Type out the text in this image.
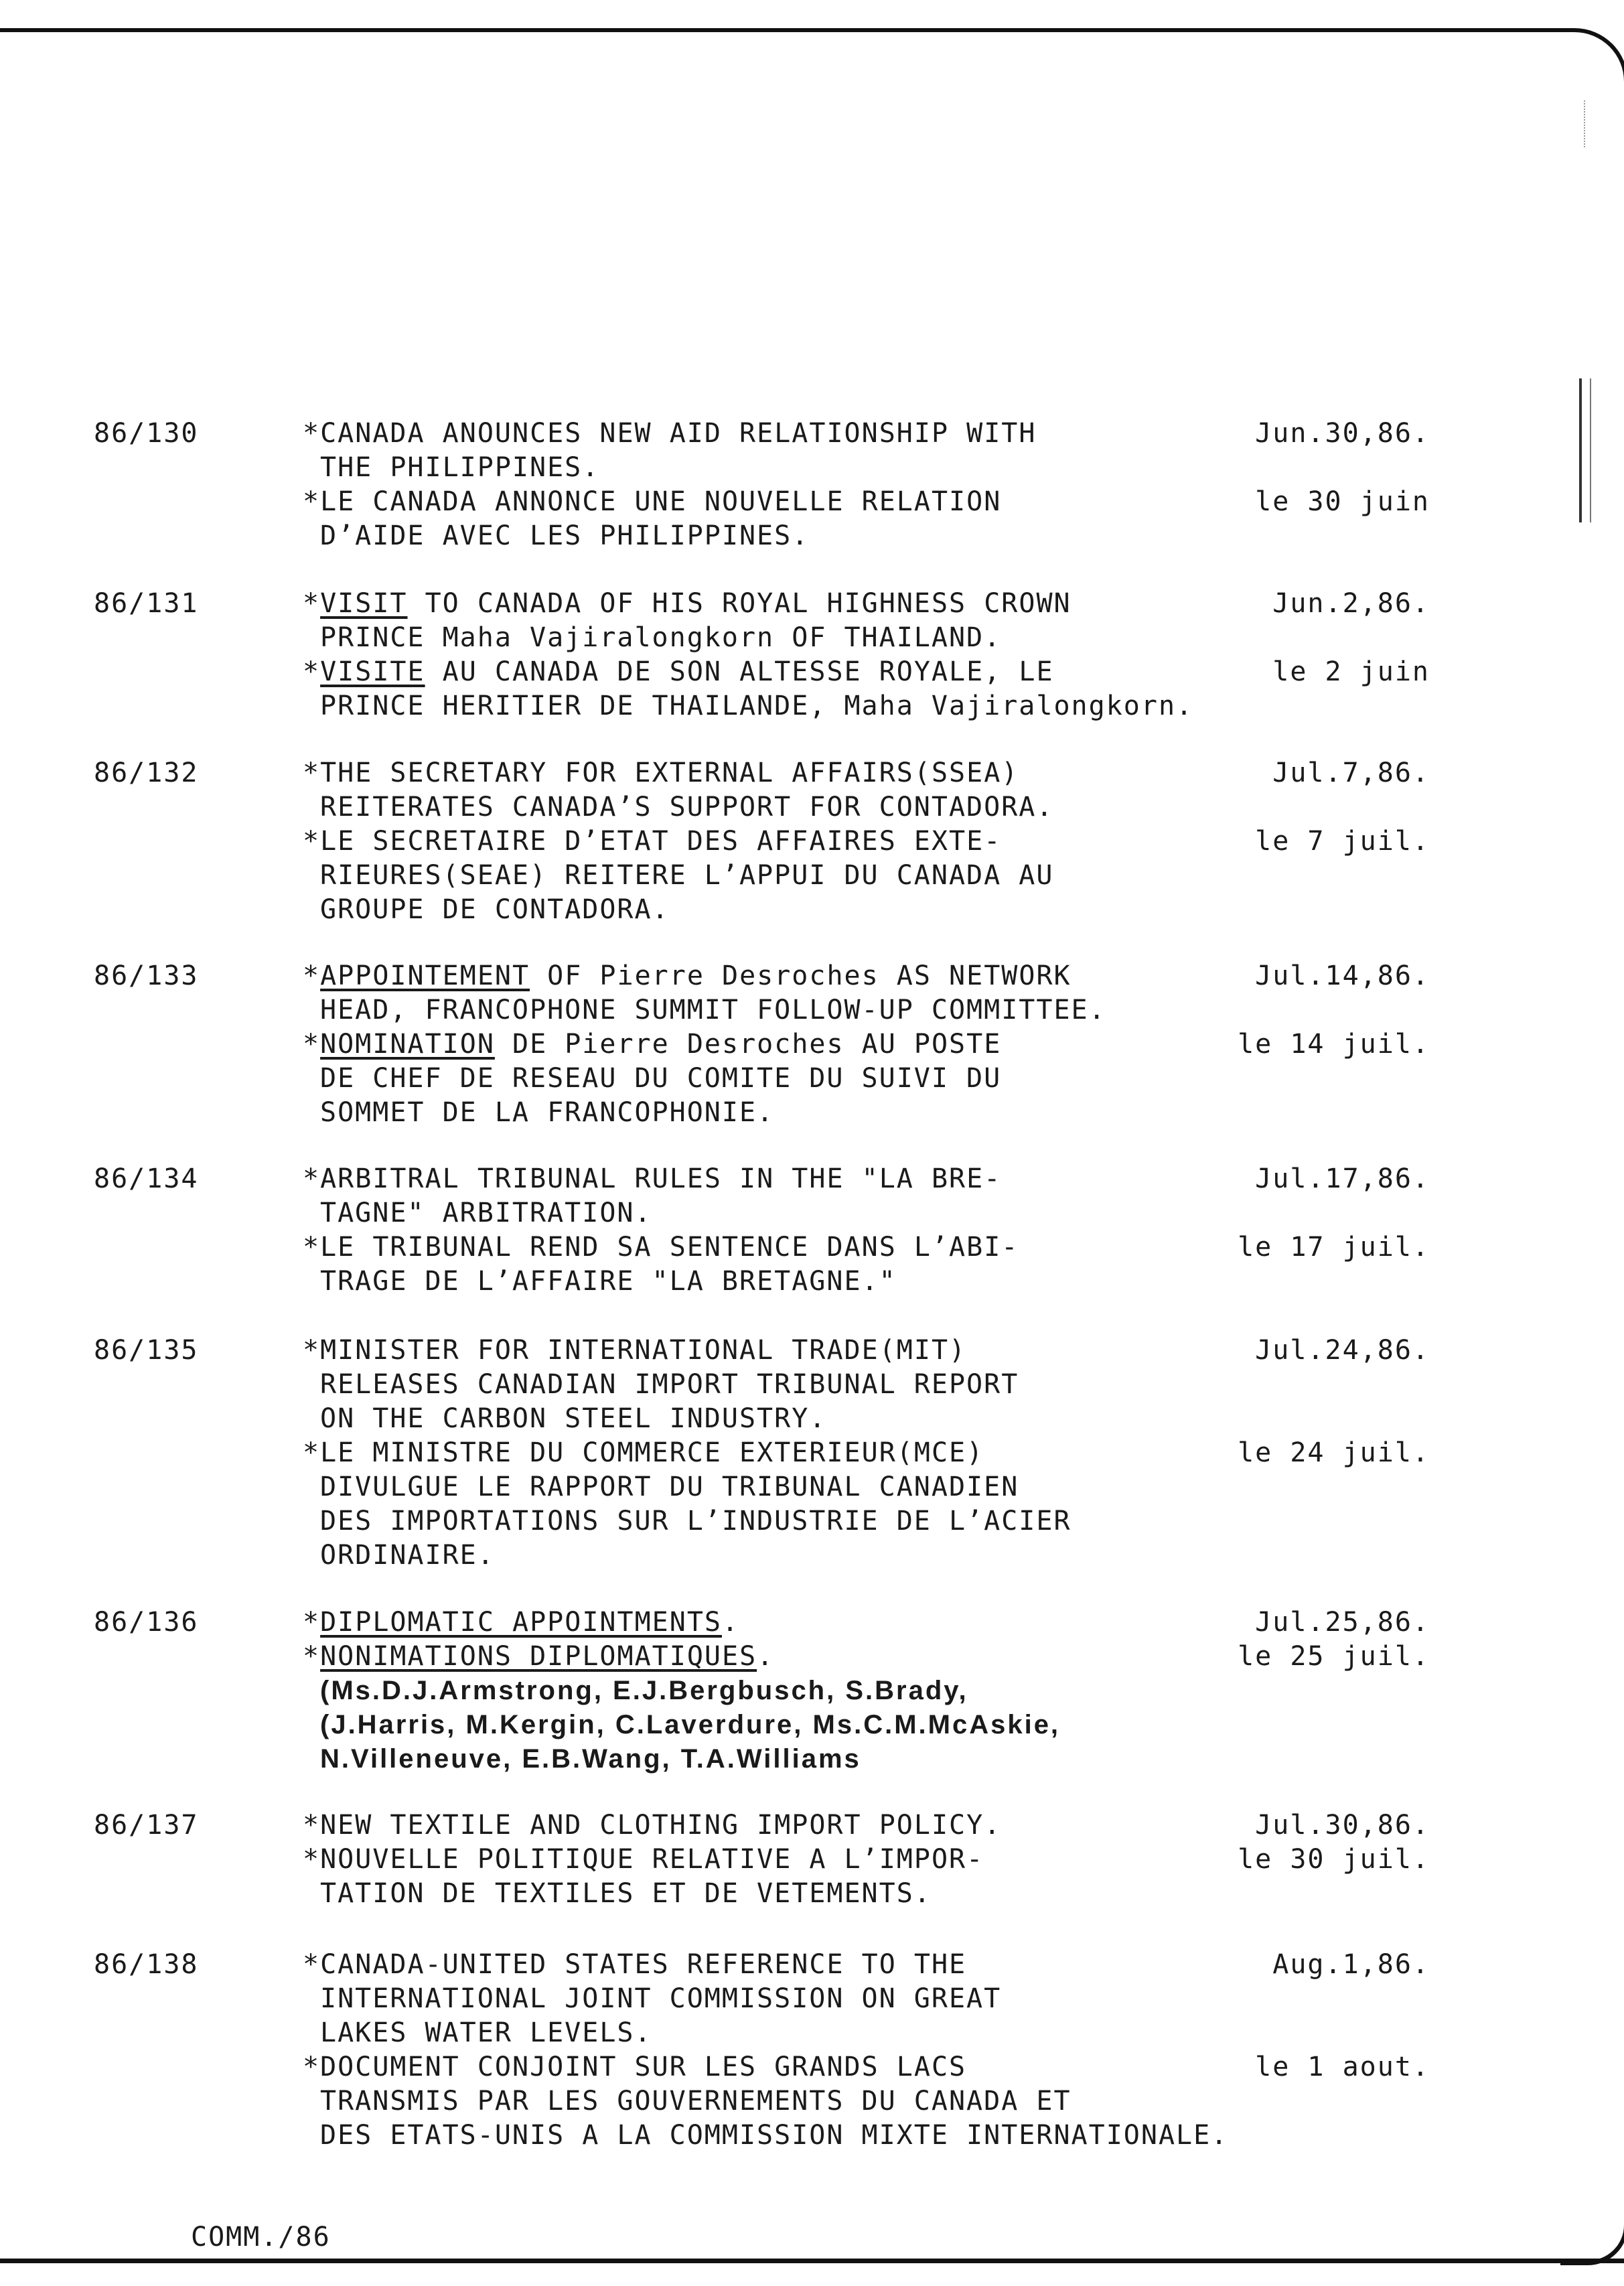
86/130	*CANADA ANOUNCES NEW AID RELATIONSHIP WITH	Jun.30,86.
THE PHILIPPINES.
*LE CANADA ANNONCE UNE NOUVELLE RELATION	le 30 juin
D’AIDE AVEC LES PHILIPPINES.
86/131	*VISIT TO CANADA OF HIS ROYAL HIGHNESS CROWN	Jun.2,86.
PRINCE Maha Vajiralongkorn OF THAILAND.
*VISITE AU CANADA DE SON ALTESSE ROYALE, LE	le 2 juin
PRINCE HERITIER DE THAILANDE, Maha Vajiralongkorn.
86/132	*THE SECRETARY FOR EXTERNAL AFFAIRS(SSEA)	Jul.7,86.
REITERATES CANADA’S SUPPORT FOR CONTADORA.
*LE SECRETAIRE D’ETAT DES AFFAIRES EXTE-	le 7 juil.
RIEURES(SEAE) REITERE L’APPUI DU CANADA AU
GROUPE DE CONTADORA.
86/133	*APPOINTEMENT OF Pierre Desroches AS NETWORK	Jul.14,86.
HEAD, FRANCOPHONE SUMMIT FOLLOW-UP COMMITTEE.
*NOMINATION DE Pierre Desroches AU POSTE	le 14 juil.
DE CHEF DE RESEAU DU COMITE DU SUIVI DU
SOMMET DE LA FRANCOPHONIE.
86/134	*ARBITRAL TRIBUNAL RULES IN THE "LA BRE-	Jul.17,86.
TAGNE" ARBITRATION.
*LE TRIBUNAL REND SA SENTENCE DANS L’ABI-	le 17 juil.
TRAGE DE L’AFFAIRE "LA BRETAGNE."
86/135	*MINISTER FOR INTERNATIONAL TRADE(MIT)	Jul.24,86.
RELEASES CANADIAN IMPORT TRIBUNAL REPORT
ON THE CARBON STEEL INDUSTRY.
*LE MINISTRE DU COMMERCE EXTERIEUR(MCE)	le 24 juil.
DIVULGUE LE RAPPORT DU TRIBUNAL CANADIEN
DES IMPORTATIONS SUR L’INDUSTRIE DE L’ACIER
ORDINAIRE.
86/136	*DIPLOMATIC APPOINTMENTS.	Jul.25,86.
*NONIMATIONS DIPLOMATIQUES.	le 25 juil.
(Ms.D.J.Armstrong, E.J.Bergbusch, S.Brady,
(J.Harris, M.Kergin, C.Laverdure, Ms.C.M.McAskie,
N.Villeneuve, E.B.Wang, T.A.Williams
86/137	*NEW TEXTILE AND CLOTHING IMPORT POLICY.	Jul.30,86.
*NOUVELLE POLITIQUE RELATIVE A L’IMPOR-	le 30 juil.
TATION DE TEXTILES ET DE VETEMENTS.
86/138	*CANADA-UNITED STATES REFERENCE TO THE	Aug.1,86.
INTERNATIONAL JOINT COMMISSION ON GREAT
LAKES WATER LEVELS.
*DOCUMENT CONJOINT SUR LES GRANDS LACS	le 1 aout.
TRANSMIS PAR LES GOUVERNEMENTS DU CANADA ET
DES ETATS-UNIS A LA COMMISSION MIXTE INTERNATIONALE.
COMM./86
